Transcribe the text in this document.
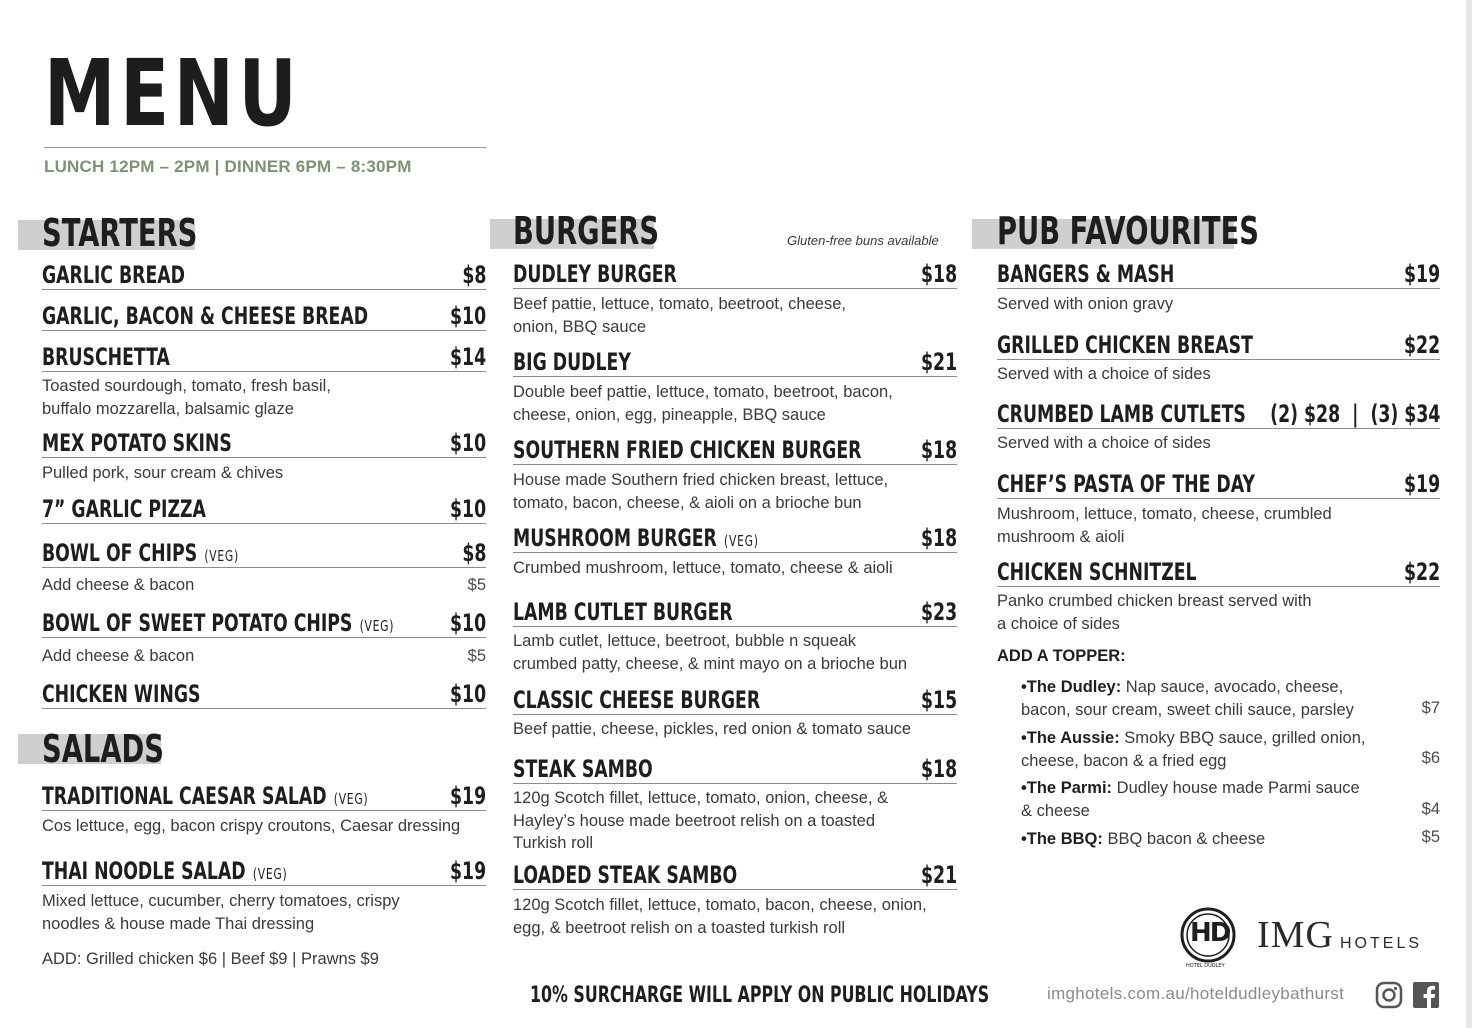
MENU
LUNCH 12PM – 2PM | DINNER 6PM – 8:30PM
STARTERS
GARLIC BREAD	$8
GARLIC, BACON & CHEESE BREAD	$10
BRUSCHETTA	$14
Toasted sourdough, tomato, fresh basil,
buffalo mozzarella, balsamic glaze
MEX POTATO SKINS	$10
Pulled pork, sour cream & chives
7” GARLIC PIZZA	$10
BOWL OF CHIPS (VEG)	$8
Add cheese & bacon	$5
BOWL OF SWEET POTATO CHIPS (VEG) $10
Add cheese & bacon	$5
CHICKEN WINGS	$10
SALADS
TRADITIONAL CAESAR SALAD (VEG)	$19
Cos lettuce, egg, bacon crispy croutons, Caesar dressing
THAI NOODLE SALAD (VEG)	$19
Mixed lettuce, cucumber, cherry tomatoes, crispy
noodles & house made Thai dressing
ADD: Grilled chicken $6 | Beef $9 | Prawns $9
BURGERS	Gluten-free buns available
DUDLEY BURGER	$18
Beef pattie, lettuce, tomato, beetroot, cheese,
onion, BBQ sauce
BIG DUDLEY	$21
Double beef pattie, lettuce, tomato, beetroot, bacon,
cheese, onion, egg, pineapple, BBQ sauce
SOUTHERN FRIED CHICKEN BURGER $18
House made Southern fried chicken breast, lettuce,
tomato, bacon, cheese, & aioli on a brioche bun
MUSHROOM BURGER (VEG)	$18
Crumbed mushroom, lettuce, tomato, cheese & aioli
LAMB CUTLET BURGER	$23
Lamb cutlet, lettuce, beetroot, bubble n squeak
crumbed patty, cheese, & mint mayo on a brioche bun
CLASSIC CHEESE BURGER	$15
Beef pattie, cheese, pickles, red onion & tomato sauce
STEAK SAMBO	$18
120g Scotch fillet, lettuce, tomato, onion, cheese, &
Hayley’s house made beetroot relish on a toasted
Turkish roll
LOADED STEAK SAMBO	$21
120g Scotch fillet, lettuce, tomato, bacon, cheese, onion,
egg, & beetroot relish on a toasted turkish roll
10% SURCHARGE WILL APPLY ON PUBLIC HOLIDAYS
PUB FAVOURITES
BANGERS & MASH	$19
Served with onion gravy
GRILLED CHICKEN BREAST	$22
Served with a choice of sides
CRUMBED LAMB CUTLETS (2) $28  |  (3) $34
Served with a choice of sides
CHEF’S PASTA OF THE DAY	$19
Mushroom, lettuce, tomato, cheese, crumbled
mushroom & aioli
CHICKEN SCHNITZEL	$22
Panko crumbed chicken breast served with
a choice of sides
ADD A TOPPER:
•The Dudley: Nap sauce, avocado, cheese,
bacon, sour cream, sweet chili sauce, parsley	$7
•The Aussie: Smoky BBQ sauce, grilled onion,
cheese, bacon & a fried egg	$6
•The Parmi: Dudley house made Parmi sauce
& cheese	$4
•The BBQ: BBQ bacon & cheese	$5
HD
HOTEL DUDLEY
IMG HOTELS
imghotels.com.au/hoteldudleybathurst
